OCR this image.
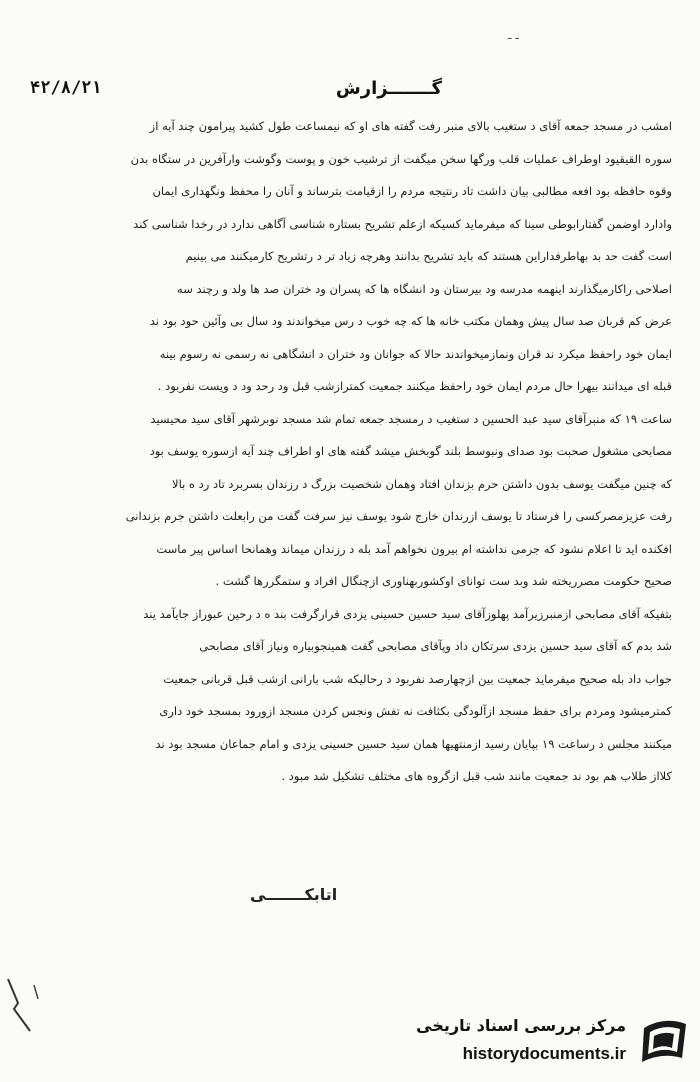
ـ ـ
۴۲/۸/۲۱	گـــــــزارش
امشب در مسجد جمعه آقای د ستغیب بالای منبر رفت گفته های او که نیمساعت طول کشید پیرامون چند آیه از
سوره القیقیود اوطراف عملیات قلب ورگها سخن میگفت از ترشیب خون و پوست وگوشت وارآفرین در ستگاه بدن
وقوه حافظه بود افعه مطالبی بیان داشت تاد رنتیجه مردم را ازقیامت بترساند و آنان را محفظ ونگهداری ایمان
وادارد اوضمن گفتارابوطی سینا که میفرماید کسیکه ازعلم تشریح بستاره شناسی آگاهی ندارد در رخدا شناسی کند
است گفت حد بد بهاطرفداراین هستند که باید تشریح بدانند وهرچه زیاد تر د رتشریح کارمیکنند می بینیم
اصلاحی راکارمیگذارند اینهمه مدرسه ود بیرستان ود انشگاه ها که پسران ود ختران صد ها ولد و رچند سه
عرض کم قربان صد سال پیش وهمان مکتب خانه ها که چه خوب د رس میخواندند ود سال بی وآئین حود بود ند
ایمان خود راحفظ میکرد ند قران ونمازمیخواندند حالا که جوانان ود ختران د انشگاهی نه رسمی نه رسوم بینه
قبله ای میدانند بیهرا حال مردم ایمان خود راحفظ میکنند جمعیت کمترازشب قبل ود رحد ود د ویست نفربود .
ساعت ۱۹ که منبرآقای سید عبد الحسین د ستغیب د رمسجد جمعه تمام شد مسجد نوبرشهر آقای سید محیسید
مصابحی مشغول صحبت بود صدای ونبوسط بلند گوبخش میشد گفته های او اطراف چند آیه ازسوره یوسف بود
که چنین میگفت یوسف بدون داشتن حرم بزندان افتاد وهمان شخصیت بزرگ د رزندان بسربرد تاد رد ه بالا
رفت عزیزمصرکسی را فرستاد تا یوسف ازرندان خارج شود یوسف نیز سرفت گفت من رابعلت داشتن جرم بزندانی
افکنده اید تا اعلام نشود که جرمی نداشته ام بیرون نخواهم آمد بله د رزندان میماند وهمانحا اساس پیر ماست
صحیح حکومت مصرریخته شد وبد ست توانای اوکشوربهناوری ازچنگال افراد و ستمگررها گشت .
بتفیکه آقای مصابحی ازمنبرزیرآمد پهلوزآقای سید حسین حسینی یزدی قرارگرفت بند ه د رحین عبوراز جایآمد یند
شد بدم که آقای سید حسین یزدی سرتکان داد وپآقای مصابحی گفت همینجوبیاره ونیاز آقای مصابحی
جواب داد بله صحیح میفرماید جمعیت بین ازچهارصد نفربود د رحالیکه شب بارانی ازشب قبل قربانی جمعیت
کمترمیشود ومردم برای حفظ مسجد ازآلودگی بکثافت نه تفش ونجس کردن مسجد ازورود بمسجد خود داری
میکنند مجلس د رساعت ۱۹ بپایان رسید ازمنتهیها همان سید حسین حسینی یزدی و امام جماعان مسجد بود ند
کلااز طلاب هم بود ند جمعیت مانند شب قبل ازگروه های مختلف تشکیل شد مبود .
اتابکـــــــی
مرکز بررسی اسناد تاریخی
historydocuments.ir
